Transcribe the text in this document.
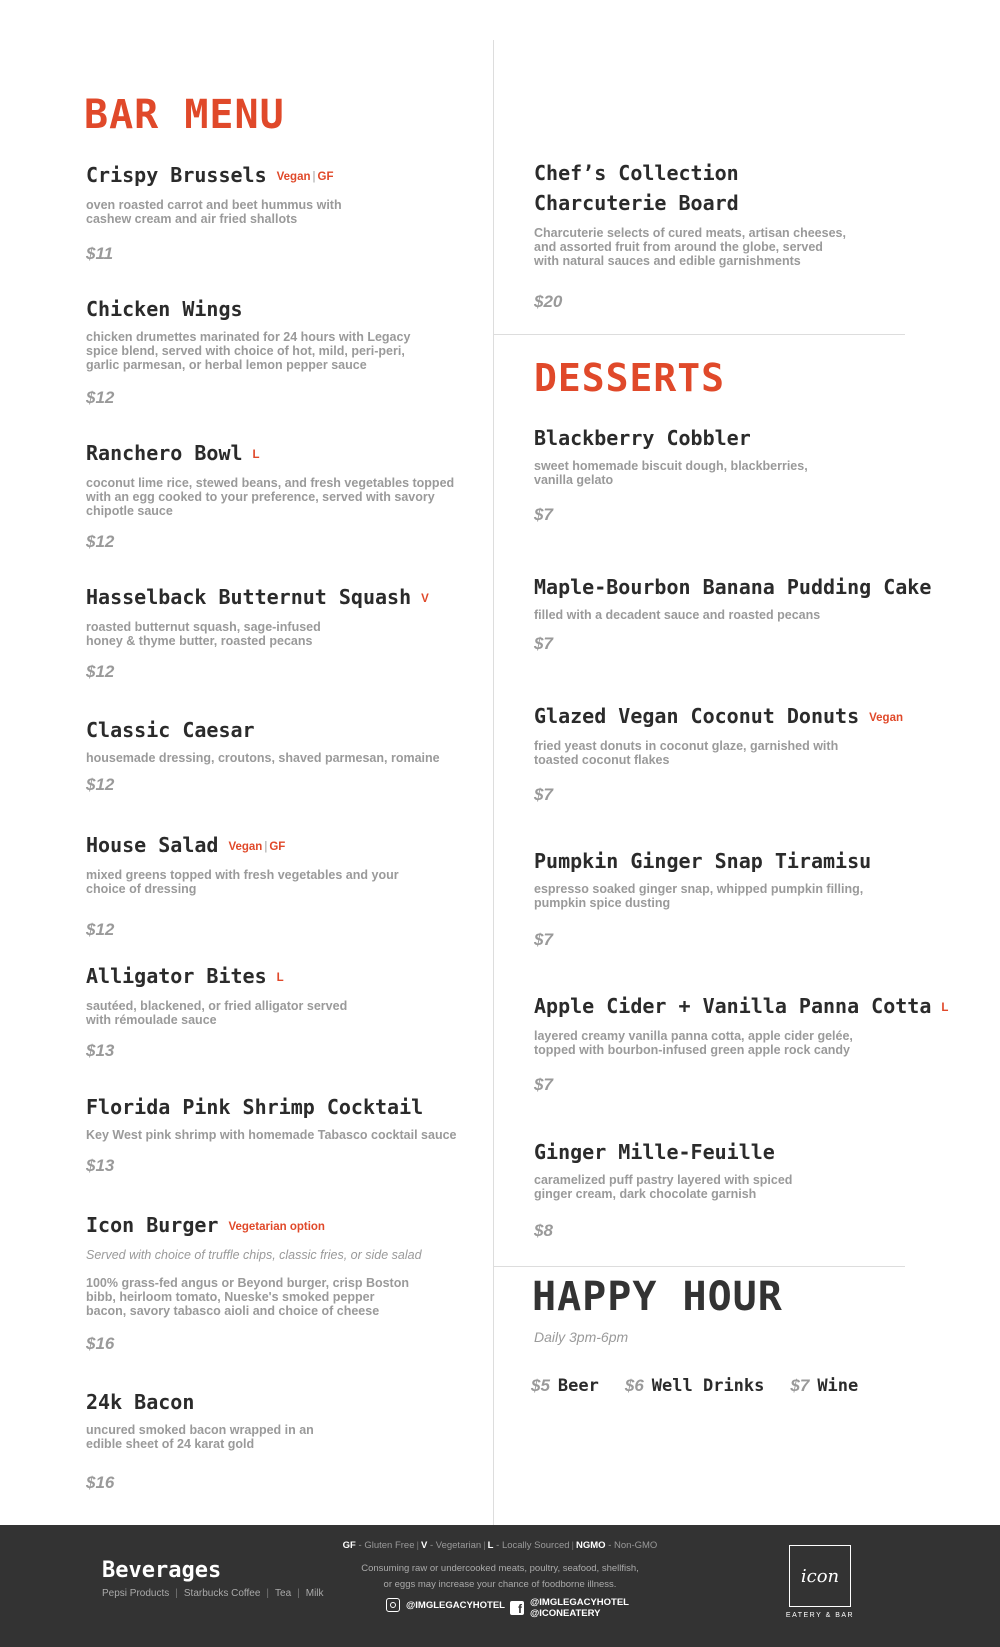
BAR MENU
Crispy Brussels Vegan | GF
oven roasted carrot and beet hummus with
cashew cream and air fried shallots
$11
Chicken Wings
chicken drumettes marinated for 24 hours with Legacy
spice blend, served with choice of hot, mild, peri-peri,
garlic parmesan, or herbal lemon pepper sauce
$12
Ranchero Bowl L
coconut lime rice, stewed beans, and fresh vegetables topped
with an egg cooked to your preference, served with savory
chipotle sauce
$12
Hasselback Butternut Squash V
roasted butternut squash, sage-infused
honey & thyme butter, roasted pecans
$12
Classic Caesar
housemade dressing, croutons, shaved parmesan, romaine
$12
House Salad Vegan | GF
mixed greens topped with fresh vegetables and your
choice of dressing
$12
Alligator Bites L
sautéed, blackened, or fried alligator served
with rémoulade sauce
$13
Florida Pink Shrimp Cocktail
Key West pink shrimp with homemade Tabasco cocktail sauce
$13
Icon Burger Vegetarian option
Served with choice of truffle chips, classic fries, or side salad
100% grass-fed angus or Beyond burger, crisp Boston
bibb, heirloom tomato, Nueske's smoked pepper
bacon, savory tabasco aioli and choice of cheese
$16
24k Bacon
uncured smoked bacon wrapped in an
edible sheet of 24 karat gold
$16
Chef’s Collection
Charcuterie Board
Charcuterie selects of cured meats, artisan cheeses,
and assorted fruit from around the globe, served
with natural sauces and edible garnishments
$20
DESSERTS
Blackberry Cobbler
sweet homemade biscuit dough, blackberries,
vanilla gelato
$7
Maple-Bourbon Banana Pudding Cake
filled with a decadent sauce and roasted pecans
$7
Glazed Vegan Coconut Donuts Vegan
fried yeast donuts in coconut glaze, garnished with
toasted coconut flakes
$7
Pumpkin Ginger Snap Tiramisu
espresso soaked ginger snap, whipped pumpkin filling,
pumpkin spice dusting
$7
Apple Cider + Vanilla Panna Cotta L
layered creamy vanilla panna cotta, apple cider gelée,
topped with bourbon-infused green apple rock candy
$7
Ginger Mille-Feuille
caramelized puff pastry layered with spiced
ginger cream, dark chocolate garnish
$8
HAPPY HOUR
Daily 3pm-6pm
$5 Beer $6 Well Drinks $7 Wine
Beverages
Pepsi Products | Starbucks Coffee | Tea | Milk
GF - Gluten Free | V - Vegetarian | L - Locally Sourced | NGMO - Non-GMO
Consuming raw or undercooked meats, poultry, seafood, shellfish,
or eggs may increase your chance of foodborne illness.
@IMGLEGACYHOTEL
f	@IMGLEGACYHOTEL
@ICONEATERY
icon
EATERY & BAR
